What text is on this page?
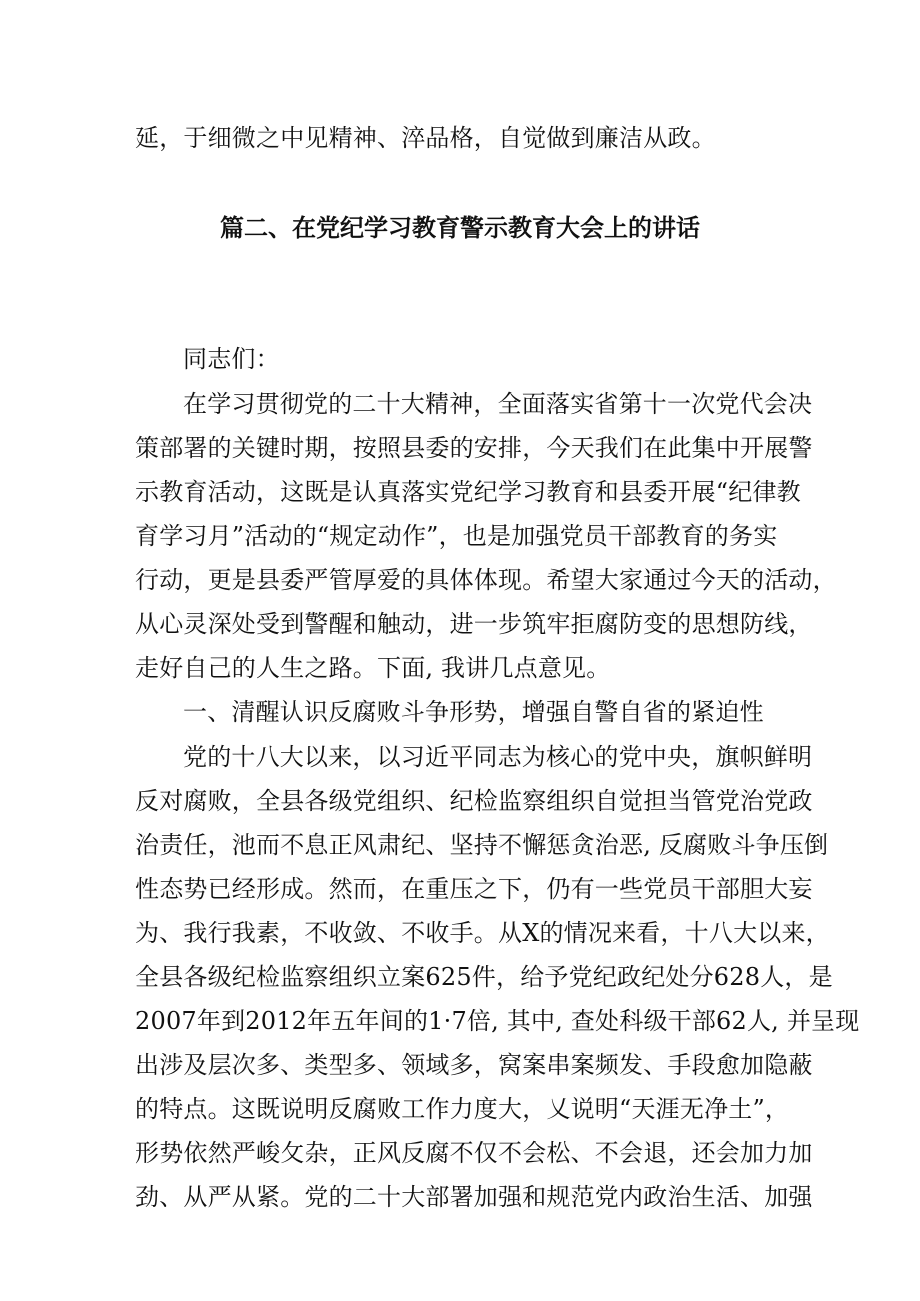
延，于细微之中见精神、淬品格，自觉做到廉洁从政。
篇二、在党纪学习教育警示教育大会上的讲话
同志们：
在学习贯彻党的二十大精神，全面落实省第十一次党代会决
策部署的关键时期，按照县委的安排，今天我们在此集中开展警
示教育活动，这既是认真落实党纪学习教育和县委开展“纪律教
育学习月”活动的“规定动作”，也是加强党员干部教育的务实
行动，更是县委严管厚爱的具体体现。希望大家通过今天的活动，
从心灵深处受到警醒和触动，进一步筑牢拒腐防变的思想防线，
走好自己的人生之路。下面, 我讲几点意见。
一、清醒认识反腐败斗争形势，增强自警自省的紧迫性
党的十八大以来，以习近平同志为核心的党中央，旗帜鲜明
反对腐败，全县各级党组织、纪检监察组织自觉担当管党治党政
治责任，池而不息正风肃纪、坚持不懈惩贪治恶, 反腐败斗争压倒
性态势已经形成。然而，在重压之下，仍有一些党员干部胆大妄
为、我行我素，不收敛、不收手。从X的情况来看，十八大以来，
全县各级纪检监察组织立案625件，给予党纪政纪处分628人，是
2007年到2012年五年间的1·7倍, 其中, 查处科级干部62人, 并呈现
出涉及层次多、类型多、领域多，窝案串案频发、手段愈加隐蔽
的特点。这既说明反腐败工作力度大，乂说明“天涯无净土”，
形势依然严峻攵杂，正风反腐不仅不会松、不会退，还会加力加
劲、从严从紧。党的二十大部署加强和规范党内政治生活、加强
